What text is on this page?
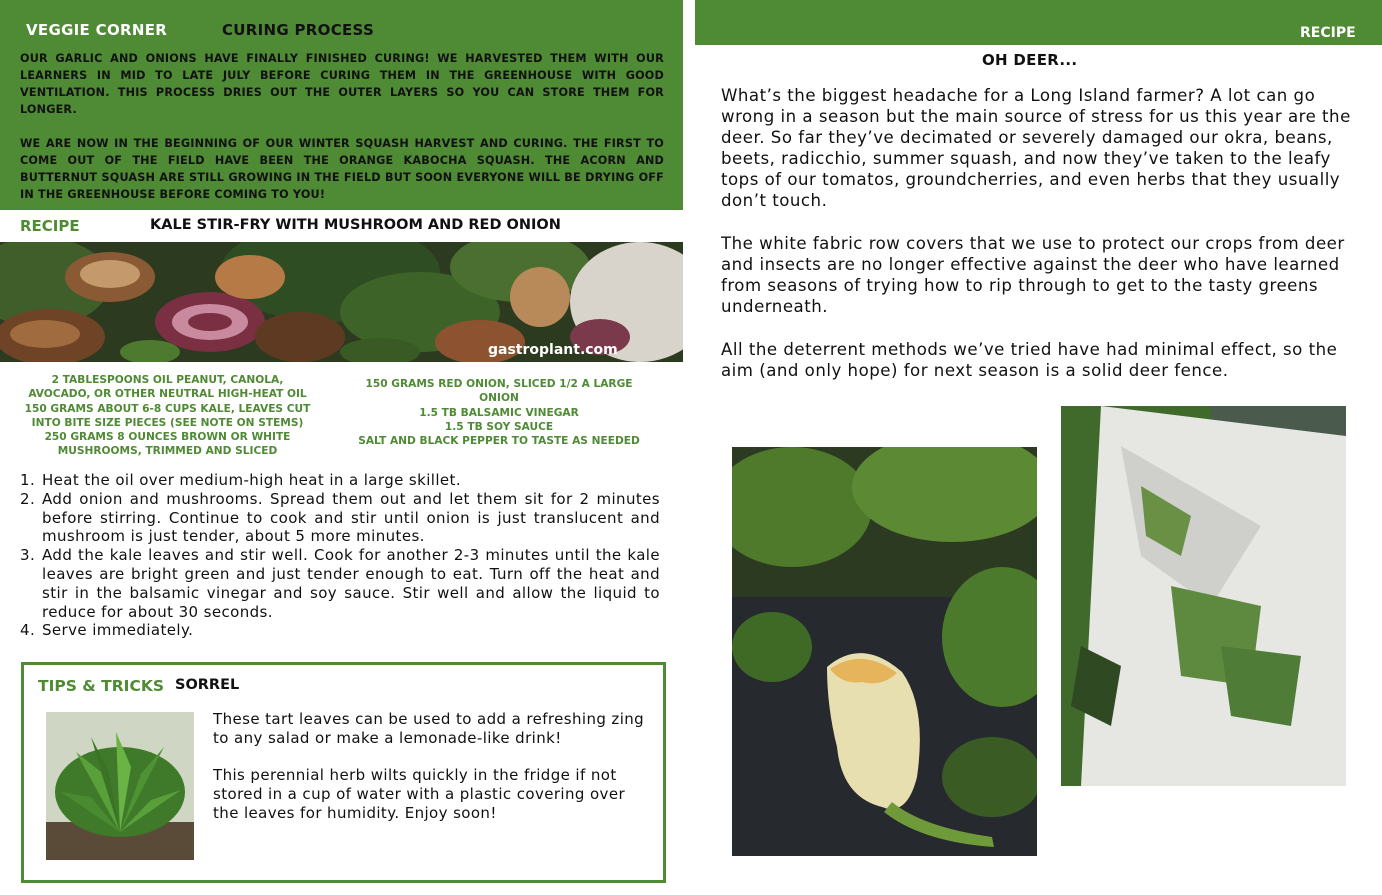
VEGGIE CORNER	CURING PROCESS
OUR GARLIC AND ONIONS HAVE FINALLY FINISHED CURING! WE HARVESTED THEM WITH OUR LEARNERS IN MID TO LATE JULY BEFORE CURING THEM IN THE GREENHOUSE WITH GOOD VENTILATION. THIS PROCESS DRIES OUT THE OUTER LAYERS SO YOU CAN STORE THEM FOR LONGER.
WE ARE NOW IN THE BEGINNING OF OUR WINTER SQUASH HARVEST AND CURING. THE FIRST TO COME OUT OF THE FIELD HAVE BEEN THE ORANGE KABOCHA SQUASH. THE ACORN AND BUTTERNUT SQUASH ARE STILL GROWING IN THE FIELD BUT SOON EVERYONE WILL BE DRYING OFF IN THE GREENHOUSE BEFORE COMING TO YOU!
RECIPE	KALE STIR-FRY WITH MUSHROOM AND RED ONION
gastroplant.com
2 TABLESPOONS OIL PEANUT, CANOLA, AVOCADO, OR OTHER NEUTRAL HIGH-HEAT OIL
150 GRAMS ABOUT 6-8 CUPS KALE, LEAVES CUT INTO BITE SIZE PIECES (SEE NOTE ON STEMS)
250 GRAMS 8 OUNCES BROWN OR WHITE MUSHROOMS, TRIMMED AND SLICED
150 GRAMS RED ONION, SLICED 1/2 A LARGE ONION
1.5 TB BALSAMIC VINEGAR
1.5 TB SOY SAUCE
SALT AND BLACK PEPPER TO TASTE AS NEEDED
1. Heat the oil over medium-high heat in a large skillet.
2. Add onion and mushrooms. Spread them out and let them sit for 2 minutes before stirring. Continue to cook and stir until onion is just translucent and mushroom is just tender, about 5 more minutes.
3. Add the kale leaves and stir well. Cook for another 2-3 minutes until the kale leaves are bright green and just tender enough to eat. Turn off the heat and stir in the balsamic vinegar and soy sauce. Stir well and allow the liquid to reduce for about 30 seconds.
4. Serve immediately.
TIPS & TRICKS SORREL
These tart leaves can be used to add a refreshing zing to any salad or make a lemonade-like drink!
This perennial herb wilts quickly in the fridge if not stored in a cup of water with a plastic covering over the leaves for humidity. Enjoy soon!
RECIPE
OH DEER...
What’s the biggest headache for a Long Island farmer? A lot can go wrong in a season but the main source of stress for us this year are the deer. So far they’ve decimated or severely damaged our okra, beans, beets, radicchio, summer squash, and now they’ve taken to the leafy tops of our tomatos, groundcherries, and even herbs that they usually don’t touch.
The white fabric row covers that we use to protect our crops from deer and insects are no longer effective against the deer who have learned from seasons of trying how to rip through to get to the tasty greens underneath.
All the deterrent methods we’ve tried have had minimal effect, so the aim (and only hope) for next season is a solid deer fence.
